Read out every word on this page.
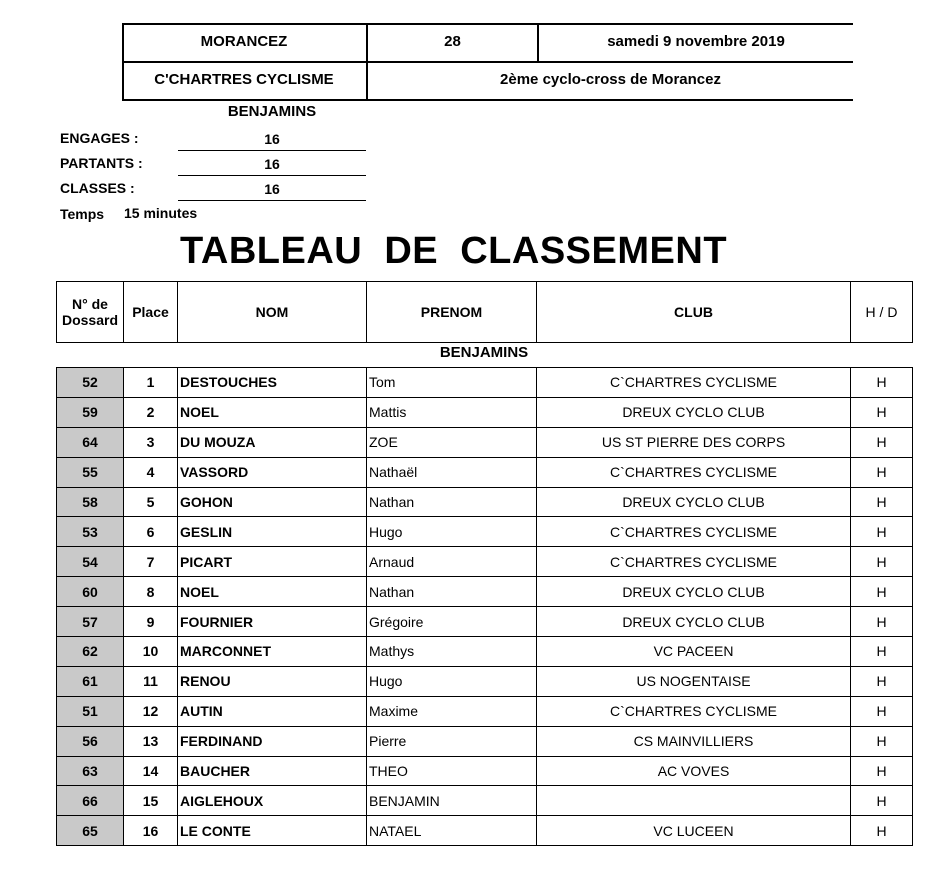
MORANCEZ	28	samedi 9 novembre 2019
C'CHARTRES CYCLISME	2ème cyclo-cross de Morancez
BENJAMINS
ENGAGES :	16
PARTANTS :	16
CLASSES :	16
Temps 15 minutes
TABLEAU  DE  CLASSEMENT
N° de Dossard	Place	NOM	PRENOM	CLUB	H / D
BENJAMINS
52	1	DESTOUCHES	Tom	C`CHARTRES CYCLISME	H
59	2	NOEL	Mattis	DREUX CYCLO CLUB	H
64	3	DU MOUZA	ZOE	US ST PIERRE DES CORPS	H
55	4	VASSORD	Nathaël	C`CHARTRES CYCLISME	H
58	5	GOHON	Nathan	DREUX CYCLO CLUB	H
53	6	GESLIN	Hugo	C`CHARTRES CYCLISME	H
54	7	PICART	Arnaud	C`CHARTRES CYCLISME	H
60	8	NOEL	Nathan	DREUX CYCLO CLUB	H
57	9	FOURNIER	Grégoire	DREUX CYCLO CLUB	H
62	10	MARCONNET	Mathys	VC PACEEN	H
61	11	RENOU	Hugo	US NOGENTAISE	H
51	12	AUTIN	Maxime	C`CHARTRES CYCLISME	H
56	13	FERDINAND	Pierre	CS MAINVILLIERS	H
63	14	BAUCHER	THEO	AC VOVES	H
66	15	AIGLEHOUX	BENJAMIN		H
65	16	LE CONTE	NATAEL	VC LUCEEN	H
